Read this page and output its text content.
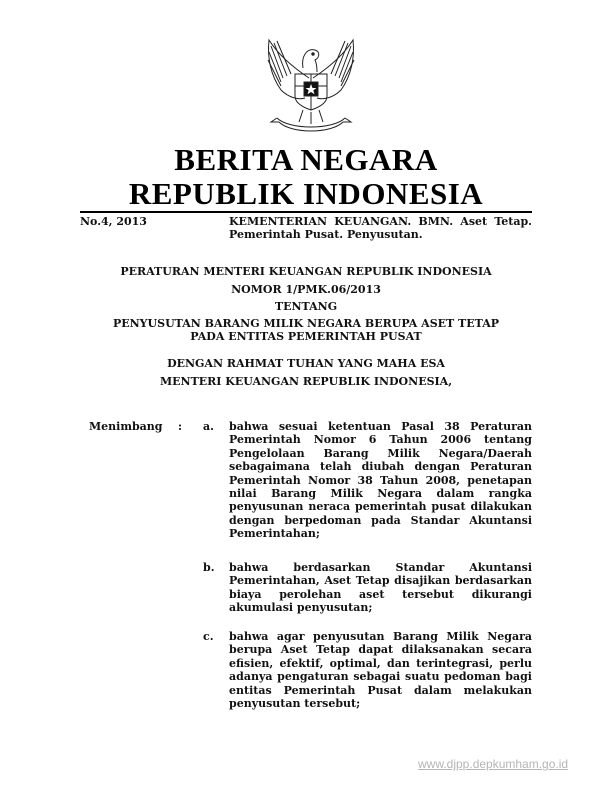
BERITA NEGARA
REPUBLIK INDONESIA
No.4, 2013	KEMENTERIAN KEUANGAN. BMN. Aset Tetap. Pemerintah Pusat. Penyusutan.
PERATURAN MENTERI KEUANGAN REPUBLIK INDONESIA
NOMOR 1/PMK.06/2013
TENTANG
PENYUSUTAN BARANG MILIK NEGARA BERUPA ASET TETAP
PADA ENTITAS PEMERINTAH PUSAT
DENGAN RAHMAT TUHAN YANG MAHA ESA
MENTERI KEUANGAN REPUBLIK INDONESIA,
Menimbang : a. bahwa sesuai ketentuan Pasal 38 Peraturan Pemerintah Nomor 6 Tahun 2006 tentang Pengelolaan Barang Milik Negara/Daerah sebagaimana telah diubah dengan Peraturan Pemerintah Nomor 38 Tahun 2008, penetapan nilai Barang Milik Negara dalam rangka penyusunan neraca pemerintah pusat dilakukan dengan berpedoman pada Standar Akuntansi Pemerintahan;
b. bahwa berdasarkan Standar Akuntansi Pemerintahan, Aset Tetap disajikan berdasarkan biaya perolehan aset tersebut dikurangi akumulasi penyusutan;
c. bahwa agar penyusutan Barang Milik Negara berupa Aset Tetap dapat dilaksanakan secara efisien, efektif, optimal, dan terintegrasi, perlu adanya pengaturan sebagai suatu pedoman bagi entitas Pemerintah Pusat dalam melakukan penyusutan tersebut;
www.djpp.depkumham.go.id
